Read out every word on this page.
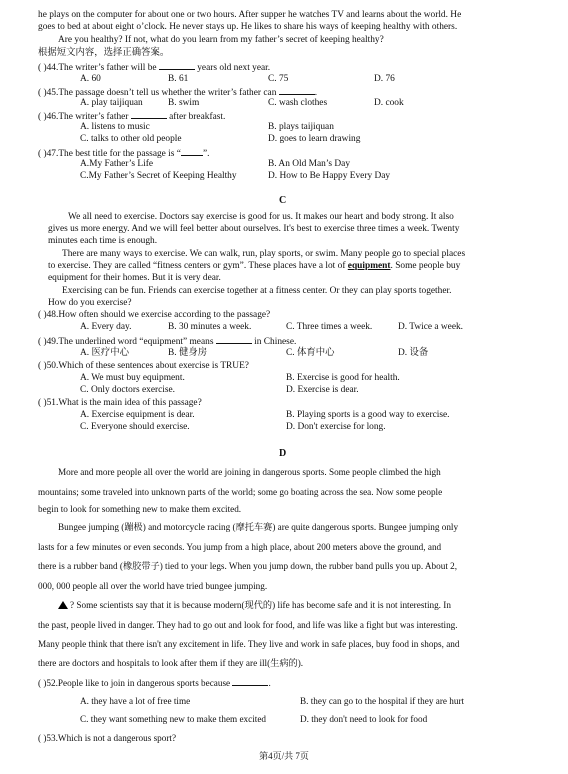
he plays on the computer for about one or two hours. After supper he watches TV and learns about the world. He
goes to bed at about eight o’clock. He never stays up. He likes to share his ways of keeping healthy with others.
Are you healthy? If not, what do you learn from my father’s secret of keeping healthy?
根据短文内容，选择正确答案。
( )44.The writer’s father will be	years old next year.
A. 60	B. 61	C. 75	D. 76
( )45.The passage doesn’t tell us whether the writer’s father can	.
A. play taijiquan	B. swim	C. wash clothes	D. cook
( )46.The writer’s father	after breakfast.
A. listens to music	B. plays taijiquan
C. talks to other old people	D. goes to learn drawing
( )47.The best title for the passage is “ ”.
A.My Father’s Life	B. An Old Man’s Day
C.My Father’s Secret of Keeping Healthy	D. How to Be Happy Every Day
C
We all need to exercise. Doctors say exercise is good for us. It makes our heart and body strong. It also
gives us more energy. And we will feel better about ourselves. It's best to exercise three times a week. Twenty
minutes each time is enough.
There are many ways to exercise. We can walk, run, play sports, or swim. Many people go to special places
to exercise. They are called “fitness centers or gym”. These places have a lot of equipment. Some people buy
equipment for their homes. But it is very dear.
Exercising can be fun. Friends can exercise together at a fitness center. Or they can play sports together.
How do you exercise?
( )48.How often should we exercise according to the passage?
A. Every day.	B. 30 minutes a week.	C. Three times a week.	D. Twice a week.
( )49.The underlined word “equipment” means	in Chinese.
A. 医疗中心	B. 健身房	C. 体育中心	D. 设备
( )50.Which of these sentences about exercise is TRUE?
A. We must buy equipment.	B. Exercise is good for health.
C. Only doctors exercise.	D. Exercise is dear.
( )51.What is the main idea of this passage?
A. Exercise equipment is dear.	B. Playing sports is a good way to exercise.
C. Everyone should exercise.	D. Don't exercise for long.
D
More and more people all over the world are joining in dangerous sports. Some people climbed the high
mountains; some traveled into unknown parts of the world; some go boating across the sea. Now some people
begin to look for something new to make them excited.
Bungee jumping (蹦极) and motorcycle racing (摩托车赛) are quite dangerous sports. Bungee jumping only
lasts for a few minutes or even seconds. You jump from a high place, about 200 meters above the ground, and
there is a rubber band (橡胶带子) tied to your legs. When you jump down, the rubber band pulls you up. About 2,
000, 000 people all over the world have tried bungee jumping.
? Some scientists say that it is because modern(现代的) life has become safe and it is not interesting. In
the past, people lived in danger. They had to go out and look for food, and life was like a fight but was interesting.
Many people think that there isn't any excitement in life. They live and work in safe places, buy food in shops, and
there are doctors and hospitals to look after them if they are ill(生病的).
( )52.People like to join in dangerous sports because	.
A. they have a lot of free time	B. they can go to the hospital if they are hurt
C. they want something new to make them excited	D. they don't need to look for food
( )53.Which is not a dangerous sport?
第4页/共 7页
